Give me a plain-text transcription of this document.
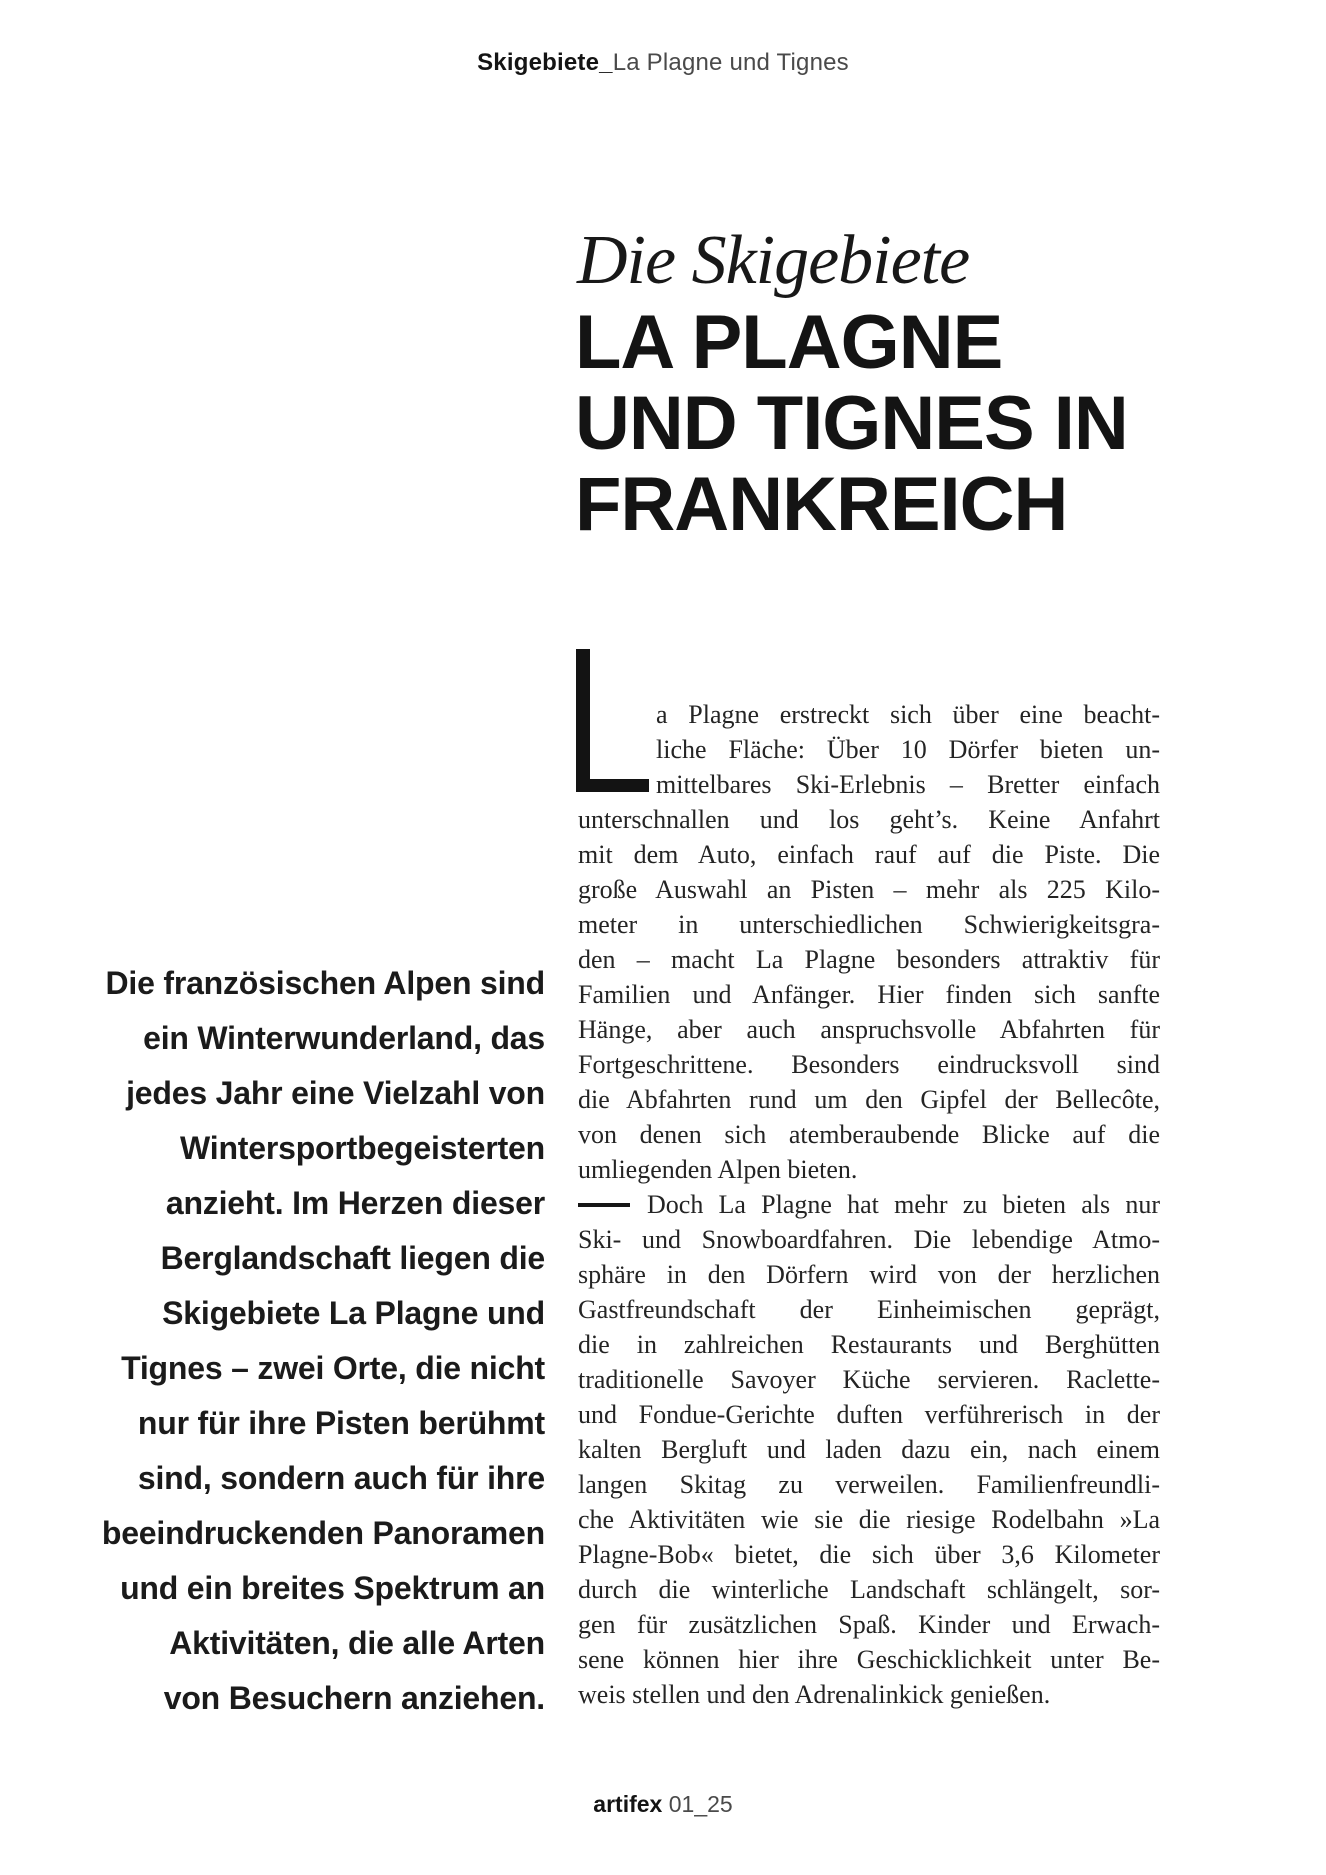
Skigebiete_La Plagne und Tignes
Die Skigebiete
LA PLAGNE
UND TIGNES IN
FRANKREICH
Die französischen Alpen sind
ein Winterwunderland, das
jedes Jahr eine Vielzahl von
Wintersportbegeisterten
anzieht. Im Herzen dieser
Berglandschaft liegen die
Skigebiete La Plagne und
Tignes – zwei Orte, die nicht
nur für ihre Pisten berühmt
sind, sondern auch für ihre
beeindruckenden Panoramen
und ein breites Spektrum an
Aktivitäten, die alle Arten
von Besuchern anziehen.
a Plagne erstreckt sich über eine beacht-
liche Fläche: Über 10 Dörfer bieten un-
mittelbares Ski-Erlebnis – Bretter einfach
unterschnallen und los geht’s. Keine Anfahrt
mit dem Auto, einfach rauf auf die Piste. Die
große Auswahl an Pisten – mehr als 225 Kilo-
meter in unterschiedlichen Schwierigkeitsgra-
den – macht La Plagne besonders attraktiv für
Familien und Anfänger. Hier finden sich sanfte
Hänge, aber auch anspruchsvolle Abfahrten für
Fortgeschrittene. Besonders eindrucksvoll sind
die Abfahrten rund um den Gipfel der Bellecôte,
von denen sich atemberaubende Blicke auf die
umliegenden Alpen bieten.
Doch La Plagne hat mehr zu bieten als nur
Ski- und Snowboardfahren. Die lebendige Atmo-
sphäre in den Dörfern wird von der herzlichen
Gastfreundschaft der Einheimischen geprägt,
die in zahlreichen Restaurants und Berghütten
traditionelle Savoyer Küche servieren. Raclette-
und Fondue-Gerichte duften verführerisch in der
kalten Bergluft und laden dazu ein, nach einem
langen Skitag zu verweilen. Familienfreundli-
che Aktivitäten wie sie die riesige Rodelbahn »La
Plagne-Bob« bietet, die sich über 3,6 Kilometer
durch die winterliche Landschaft schlängelt, sor-
gen für zusätzlichen Spaß. Kinder und Erwach-
sene können hier ihre Geschicklichkeit unter Be-
weis stellen und den Adrenalinkick genießen.
artifex 01_25
